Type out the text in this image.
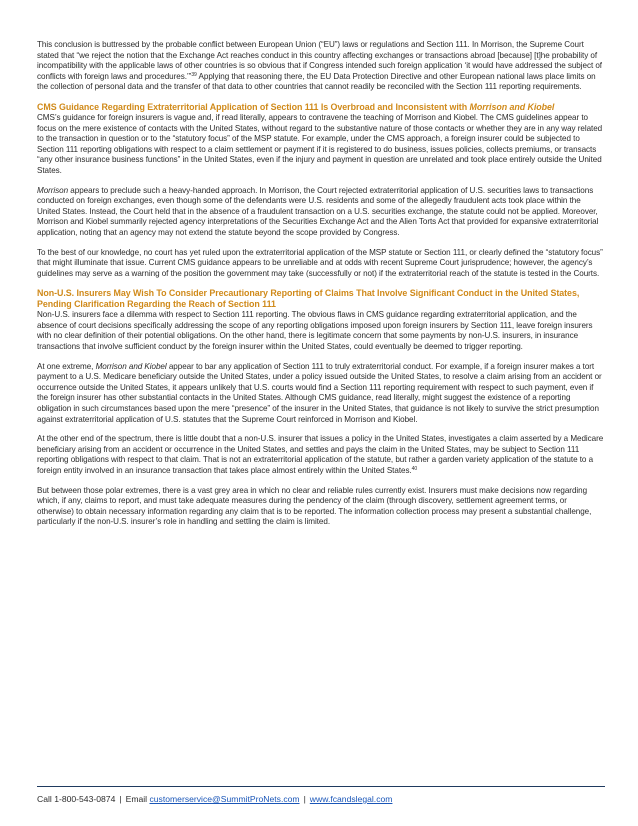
This conclusion is buttressed by the probable conflict between European Union (“EU”) laws or regulations and Section 111. In Morrison, the Supreme Court stated that “we reject the notion that the Exchange Act reaches conduct in this country affecting exchanges or transactions abroad [because] [t]he probability of incompatibility with the applicable laws of other countries is so obvious that if Congress intended such foreign application ‘it would have addressed the subject of conflicts with foreign laws and procedures.’”$^{39}$ Applying that reasoning there, the EU Data Protection Directive and other European national laws place limits on the collection of personal data and the transfer of that data to other countries that cannot readily be reconciled with the Section 111 reporting requirements.

CMS Guidance Regarding Extraterritorial Application of Section 111 Is Overbroad and Inconsistent with Morrison and Kiobel

CMS’s guidance for foreign insurers is vague and, if read literally, appears to contravene the teaching of Morrison and Kiobel. The CMS guidelines appear to focus on the mere existence of contacts with the United States, without regard to the substantive nature of those contacts or whether they are in any way related to the transaction in question or to the “statutory focus” of the MSP statute. For example, under the CMS approach, a foreign insurer could be subjected to Section 111 reporting obligations with respect to a claim settlement or payment if it is registered to do business, issues policies, collects premiums, or transacts “any other insurance business functions” in the United States, even if the injury and payment in question are unrelated and took place entirely outside the United States.

Morrison appears to preclude such a heavy-handed approach. In Morrison, the Court rejected extraterritorial application of U.S. securities laws to transactions conducted on foreign exchanges, even though some of the defendants were U.S. residents and some of the allegedly fraudulent acts took place within the United States. Instead, the Court held that in the absence of a fraudulent transaction on a U.S. securities exchange, the statute could not be applied. Moreover, Morrison and Kiobel summarily rejected agency interpretations of the Securities Exchange Act and the Alien Torts Act that provided for expansive extraterritorial application, noting that an agency may not extend the statute beyond the scope provided by Congress.

To the best of our knowledge, no court has yet ruled upon the extraterritorial application of the MSP statute or Section 111, or clearly defined the “statutory focus” that might illuminate that issue. Current CMS guidance appears to be unreliable and at odds with recent Supreme Court jurisprudence; however, the agency’s guidelines may serve as a warning of the position the government may take (successfully or not) if the extraterritorial reach of the statute is tested in the Courts.

Non-U.S. Insurers May Wish To Consider Precautionary Reporting of Claims That Involve Significant Conduct in the United States, Pending Clarification Regarding the Reach of Section 111

Non-U.S. insurers face a dilemma with respect to Section 111 reporting. The obvious flaws in CMS guidance regarding extraterritorial application, and the absence of court decisions specifically addressing the scope of any reporting obligations imposed upon foreign insurers by Section 111, leave foreign insurers with no clear definition of their potential obligations. On the other hand, there is legitimate concern that some payments by non-U.S. insurers, in insurance transactions that involve sufficient conduct by the foreign insurer within the United States, could eventually be deemed to trigger reporting.

At one extreme, Morrison and Kiobel appear to bar any application of Section 111 to truly extraterritorial conduct. For example, if a foreign insurer makes a tort payment to a U.S. Medicare beneficiary outside the United States, under a policy issued outside the United States, to resolve a claim arising from an accident or occurrence outside the United States, it appears unlikely that U.S. courts would find a Section 111 reporting requirement with respect to such payment, even if the foreign insurer has other substantial contacts in the United States. Although CMS guidance, read literally, might suggest the existence of a reporting obligation in such circumstances based upon the mere “presence” of the insurer in the United States, that guidance is not likely to survive the strict presumption against extraterritorial application of U.S. statutes that the Supreme Court reinforced in Morrison and Kiobel.

At the other end of the spectrum, there is little doubt that a non-U.S. insurer that issues a policy in the United States, investigates a claim asserted by a Medicare beneficiary arising from an accident or occurrence in the United States, and settles and pays the claim in the United States, may be subject to Section 111 reporting obligations with respect to that claim. That is not an extraterritorial application of the statute, but rather a garden variety application of the statute to a foreign entity involved in an insurance transaction that takes place almost entirely within the United States.$^{40}$

But between those polar extremes, there is a vast grey area in which no clear and reliable rules currently exist. Insurers must make decisions now regarding which, if any, claims to report, and must take adequate measures during the pendency of the claim (through discovery, settlement agreement terms, or otherwise) to obtain necessary information regarding any claim that is to be reported. The information collection process may present a substantial challenge, particularly if the non-U.S. insurer’s role in handling and settling the claim is limited.

Call 1-800-543-0874 | Email customerservice@SummitProNets.com | www.fcandslegal.com
